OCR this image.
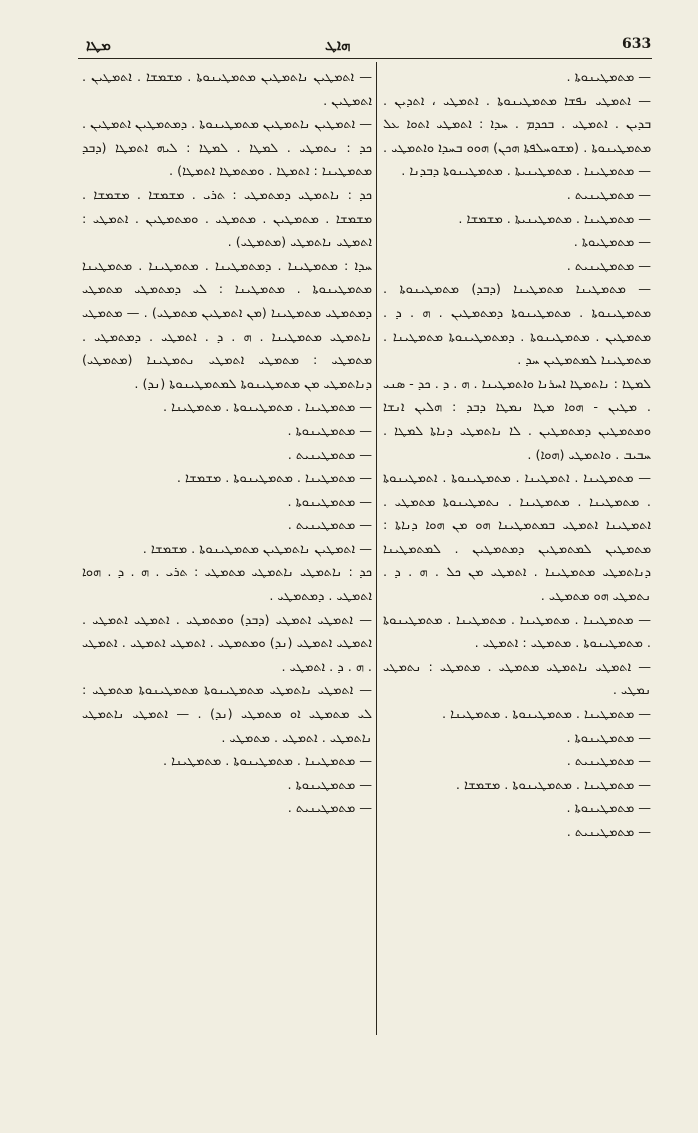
ܡܛܐ	ܗܐܛ	633

— ܡܬܡܛܝܢܘܬܐ .

— ܐܬܡܛܝ ܢܦܫܐ ܡܬܡܛܝܢܘܬܐ . ܐܬܡܛܝ ، ܐܬܕܝܢ . ܒܕܝܢ . ܐܬܡܛܝ . ܒܟܕܡ . ܚܕܐ : ܐܬܡܛܝ ܐܬܘܐ ܥܠ ܡܬܡܛܝܢܘܬܐ . (ܡܫܘܚܠܦܬܐ ܗܟܢ) ܗܘܘ ܒܚܕܐ ܘܐܬܡܛܝ . — ܡܬܡܛܝܢܐ . ܡܬܡܛܝܢܝܬܐ . ܡܬܡܛܝܢܘܬܐ ܕܒܕܢܐ .

— ܡܬܡܛܝܢܝܬ .

— ܡܬܡܛܝܢܐ . ܡܬܡܛܝܢܝܬܐ . ܡܫܡܫܐ .

— ܡܬܡܛܝܘܬܐ .

— ܡܬܡܛܝܢܝܬ .

— ܡܬܡܛܝܢܐ ܡܬܡܛܝܢܐ (ܕܒܕ) ܡܬܡܛܝܢܘܬܐ . ܡܬܡܛܝܢܘܬܐ . ܡܬܡܛܝܢܘܬܐ ܕܡܬܡܛܝܢ . ܗ . ܕ . ܡܬܡܛܝܢ . ܡܬܡܛܝܢܘܬܐ . ܕܡܬܡܛܝܢܘܬܐ ܡܬܡܛܝܢܐ . ܡܬܡܛܝܢܐ ܠܡܬܡܛܝܢ ܚܕ .

ܠܡܛܐ : ܢܐܬܡܛܐ ܐܚܪܢܐ ܘܐܬܡܛܝܢܐ . ܗ . ܕ . ܟܕ - ܣܢܝ . ܡܛܝܢ - ܗܘܐ ܡܛܐ ܢܡܛܐ ܕܒܕ : ܗܠܝܢ ܐܢܫܐ ܘܡܬܡܛܝܢ ܕܡܬܡܛܝܢ . ܠܐ ܢܐܬܡܛܝ ܕܢܐܬܐ ܠܡܛܐ . ܚܒܝܒ . ܘܐܬܡܛܝ (ܗܘܐ) .

— ܡܬܡܛܝܢܐ . ܐܬܡܛܝܢܐ . ܡܬܡܛܝܢܘܬܐ . ܐܬܡܛܝܢܘܬܐ . ܡܬܡܛܝܢܐ . ܡܬܡܛܝܢܐ . ܢܬܡܛܝܢܘܬܐ ܡܬܡܛܝ . ܐܬܡܛܝܢܐ ܐܬܡܛܝ ܒܡܬܡܛܝܢܐ ܗܘ ܡܢ ܗܘܐ ܕܢܐܬܐ : ܡܬܡܛܝܢ ܠܡܬܡܛܝܢ ܕܡܬܡܛܝܢ . ܠܡܬܡܛܝܢܐ ܕܢܐܬܡܛܝ ܡܬܡܛܝܢܐ . ܐܬܡܛܝ ܡܢ ܟܠ . ܗ . ܕ . ܢܬܡܛܝ ܗܘ ܡܬܡܛܝ .

— ܡܬܡܛܝܢܐ . ܡܬܡܛܝܢܐ . ܡܬܡܛܝܢܐ . ܡܬܡܛܝܢܘܬܐ . ܡܬܡܛܝܢܘܬܐ . ܡܬܡܛܝ : ܐܬܡܛܝ .

— ܐܬܡܛܝ ܢܐܬܡܛܝ ܡܬܡܛܝ . ܡܬܡܛܝ : ܢܬܡܛܝ ܢܡܛܝ .

— ܡܬܡܛܝܢܐ . ܡܬܡܛܝܢܘܬܐ . ܡܬܡܛܝܢܐ .

— ܡܬܡܛܝܢܘܬܐ .

— ܡܬܡܛܝܢܝܬ .

— ܡܬܡܛܝܢܐ . ܡܬܡܛܝܢܘܬܐ . ܡܫܡܫܐ .

— ܡܬܡܛܝܢܘܬܐ .

— ܡܬܡܛܝܢܝܬ .

— ܐܬܡܛܝܢ ܢܐܬܡܛܝܢ ܡܬܡܛܝܢܘܬܐ . ܡܫܡܫܐ . ܐܬܡܛܝܢ . ܐܬܡܛܝܢ .

— ܐܬܡܛܝܢ ܢܐܬܡܛܝܢ ܡܬܡܛܝܢܘܬܐ . ܕܡܬܡܛܝܢ ܐܬܡܛܝܢ .

ܟܕ : ܢܬܡܛܝ . ܠܡܛܐ . ܠܡܛܐ : ܠܝܗ ܐܬܡܛܐ (ܕܒܕ ܡܬܡܛܝܢܐ : ܐܬܡܛܐ . ܘܡܬܡܛܐ ܐܬܡܛܐ) .

ܟܕ : ܢܐܬܡܛܝ ܕܡܬܡܛܝ : ܬܪܝ . ܡܫܡܫܐ . ܡܫܡܫܐ . ܡܫܡܫܐ . ܡܬܡܛܝܢ . ܡܬܡܛܝ . ܘܡܬܡܛܝܢ . ܐܬܡܛܝ : ܐܬܡܛܝ ܢܐܬܡܛܝ (ܡܬܡܛܝ) .

ܚܕܐ : ܡܬܡܛܝܢܐ . ܕܡܬܡܛܝܢܐ . ܡܬܡܛܝܢܐ . ܡܬܡܛܝܢܐ ܡܬܡܛܝܢܘܬܐ . ܡܬܡܛܝܢܐ : ܠܝ ܕܡܬܡܛܝ ܡܬܡܛܝ ܕܡܬܡܛܝ ܡܬܡܛܝܢܐ (ܡܢ ܐܬܡܛܝܢ ܡܬܡܛܝ) . — ܡܬܡܛܝ ܢܐܬܡܛܝ ܡܬܡܛܝܢܐ . ܗ . ܕ . ܐܬܡܛܝ . ܕܡܬܡܛܝ . ܡܬܡܛܝ : ܡܬܡܛܝ ܐܬܡܛܝ ܢܬܡܛܝܢܐ (ܡܬܡܛܝ) ܕܢܐܬܡܛܝ ܡܢ ܡܬܡܛܝܢܘܬܐ ܠܡܬܡܛܝܢܘܬܐ (ܢܕ) .

— ܡܬܡܛܝܢܐ . ܡܬܡܛܝܢܘܬܐ . ܡܬܡܛܝܢܐ .

— ܡܬܡܛܝܢܘܬܐ .

— ܡܬܡܛܝܢܝܬ .

— ܡܬܡܛܝܢܐ . ܡܬܡܛܝܢܘܬܐ . ܡܫܡܫܐ .

— ܡܬܡܛܝܢܘܬܐ .

— ܡܬܡܛܝܢܝܬ .

— ܐܬܡܛܝܢ ܢܐܬܡܛܝܢ ܡܬܡܛܝܢܘܬܐ . ܡܫܡܫܐ .

ܟܕ : ܢܐܬܡܛܝ ܢܐܬܡܛܝ ܡܬܡܛܝ : ܬܪܝ . ܗ . ܕ . ܗܘܐ ܐܬܡܛܝ . ܕܡܬܡܛܝ .

— ܐܬܡܛܝ ܐܬܡܛܝ (ܕܒܕ) ܘܡܬܡܛܝ . ܐܬܡܛܝ ܐܬܡܛܝ . ܐܬܡܛܝ ܐܬܡܛܝ (ܢܕ) ܘܡܬܡܛܝ . ܐܬܡܛܝ ܐܬܡܛܝ . ܐܬܡܛܝ . ܗ . ܕ . ܐܬܡܛܝ .

— ܐܬܡܛܝ ܢܐܬܡܛܝ ܡܬܡܛܝܢܘܬܐ ܡܬܡܛܝܢܘܬܐ ܡܬܡܛܝ : ܠܝ ܡܬܡܛܝ ܐܘ ܡܬܡܛܝ (ܢܕ) . — ܐܬܡܛܝ ܢܐܬܡܛܝ ܢܐܬܡܛܝ . ܐܬܡܛܝ . ܡܬܡܛܝ .

— ܡܬܡܛܝܢܐ . ܡܬܡܛܝܢܘܬܐ . ܡܬܡܛܝܢܐ .

— ܡܬܡܛܝܢܘܬܐ .

— ܡܬܡܛܝܢܝܬ .
